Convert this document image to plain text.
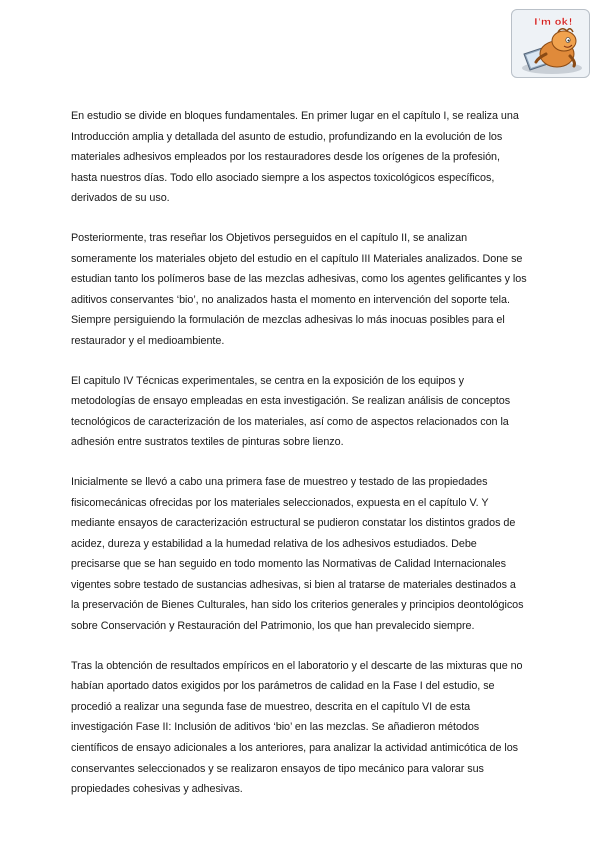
I'm ok!

En estudio se divide en bloques fundamentales. En primer lugar en el capítulo I, se realiza una Introducción amplia y detallada del asunto de estudio, profundizando en la evolución de los materiales adhesivos empleados por los restauradores desde los orígenes de la profesión, hasta nuestros días. Todo ello asociado siempre a los aspectos toxicológicos específicos, derivados de su uso.

Posteriormente, tras reseñar los Objetivos perseguidos en el capítulo II, se analizan someramente los materiales objeto del estudio en el capítulo III Materiales analizados. Done se estudian tanto los polímeros base de las mezclas adhesivas, como los agentes gelificantes y los aditivos conservantes ‘bio’, no analizados hasta el momento en intervención del soporte tela. Siempre persiguiendo la formulación de mezclas adhesivas lo más inocuas posibles para el restaurador y el medioambiente.

El capitulo IV Técnicas experimentales, se centra en la exposición de los equipos y metodologías de ensayo empleadas en esta investigación. Se realizan análisis de conceptos tecnológicos de caracterización de los materiales, así como de aspectos relacionados con la adhesión entre sustratos textiles de pinturas sobre lienzo.

Inicialmente se llevó a cabo una primera fase de muestreo y testado de las propiedades fisicomecánicas ofrecidas por los materiales seleccionados, expuesta en el capítulo V. Y mediante ensayos de caracterización estructural se pudieron constatar los distintos grados de acidez, dureza y estabilidad a la humedad relativa de los adhesivos estudiados. Debe precisarse que se han seguido en todo momento las Normativas de Calidad Internacionales vigentes sobre testado de sustancias adhesivas, si bien al tratarse de materiales destinados a la preservación de Bienes Culturales, han sido los criterios generales y principios deontológicos sobre Conservación y Restauración del Patrimonio, los que han prevalecido siempre.

Tras la obtención de resultados empíricos en el laboratorio y el descarte de las mixturas que no habían aportado datos exigidos por los parámetros de calidad en la Fase I del estudio, se procedió a realizar una segunda fase de muestreo, descrita en el capítulo VI de esta investigación Fase II: Inclusión de aditivos ‘bio’ en las mezclas. Se añadieron métodos científicos de ensayo adicionales a los anteriores, para analizar la actividad antimicótica de los conservantes seleccionados y se realizaron ensayos de tipo mecánico para valorar sus propiedades cohesivas y adhesivas.
